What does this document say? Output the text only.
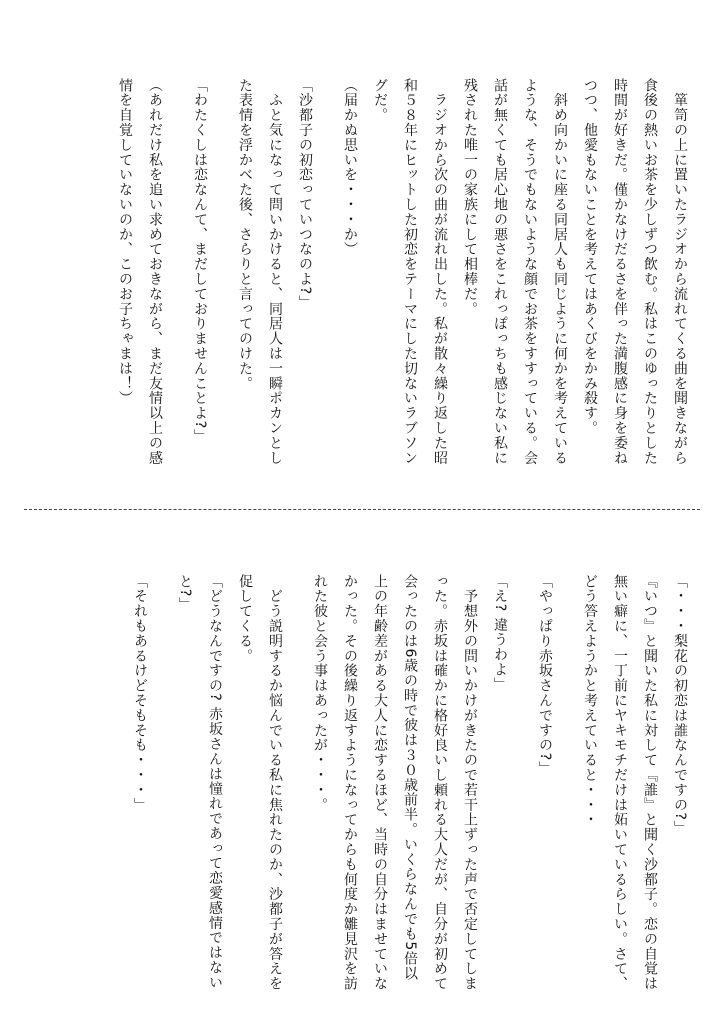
　箪笥の上に置いたラジオから流れてくる曲を聞きながら食後の熱いお茶を少しずつ飲む。私はこのゆったりとした時間が好きだ。僅かなけだるさを伴った満腹感に身を委ねつつ、他愛もないことを考えてはあくびをかみ殺す。

　斜め向かいに座る同居人も同じように何かを考えているような、そうでもないような顔でお茶をすすっている。会話が無くても居心地の悪さをこれっぽっちも感じない私に残された唯一の家族にして相棒だ。

　ラジオから次の曲が流れ出した。私が散々繰り返した昭和５８年にヒットした初恋をテーマにした切ないラブソングだ。

（届かぬ思いを・・・か）

「沙都子の初恋っていつなのよ?」

　ふと気になって問いかけると、同居人は一瞬ポカンとした表情を浮かべた後、さらりと言ってのけた。

「わたくしは恋なんて、まだしておりませんことよ?」

（あれだけ私を追い求めておきながら、まだ友情以上の感情を自覚していないのか、このお子ちゃまは！）

「・・・梨花の初恋は誰なんですの?」

『いつ』と聞いた私に対して『誰』と聞く沙都子。恋の自覚は無い癖に、一丁前にヤキモチだけは妬いているらしい。さて、どう答えようかと考えていると・・・

「やっぱり赤坂さんですの?」

「え? 違うわよ」

　予想外の問いかけがきたので若干上ずった声で否定してしまった。赤坂は確かに格好良いし頼れる大人だが、自分が初めて会ったのは6歳の時で彼は３０歳前半。いくらなんでも5倍以上の年齢差がある大人に恋するほど、当時の自分はませていなかった。その後繰り返すようになってからも何度か雛見沢を訪れた彼と会う事はあったが・・・。

　どう説明するか悩んでいる私に焦れたのか、沙都子が答えを促してくる。

「どうなんですの? 赤坂さんは憧れであって恋愛感情ではないと?」

「それもあるけどそもそも・・・」
